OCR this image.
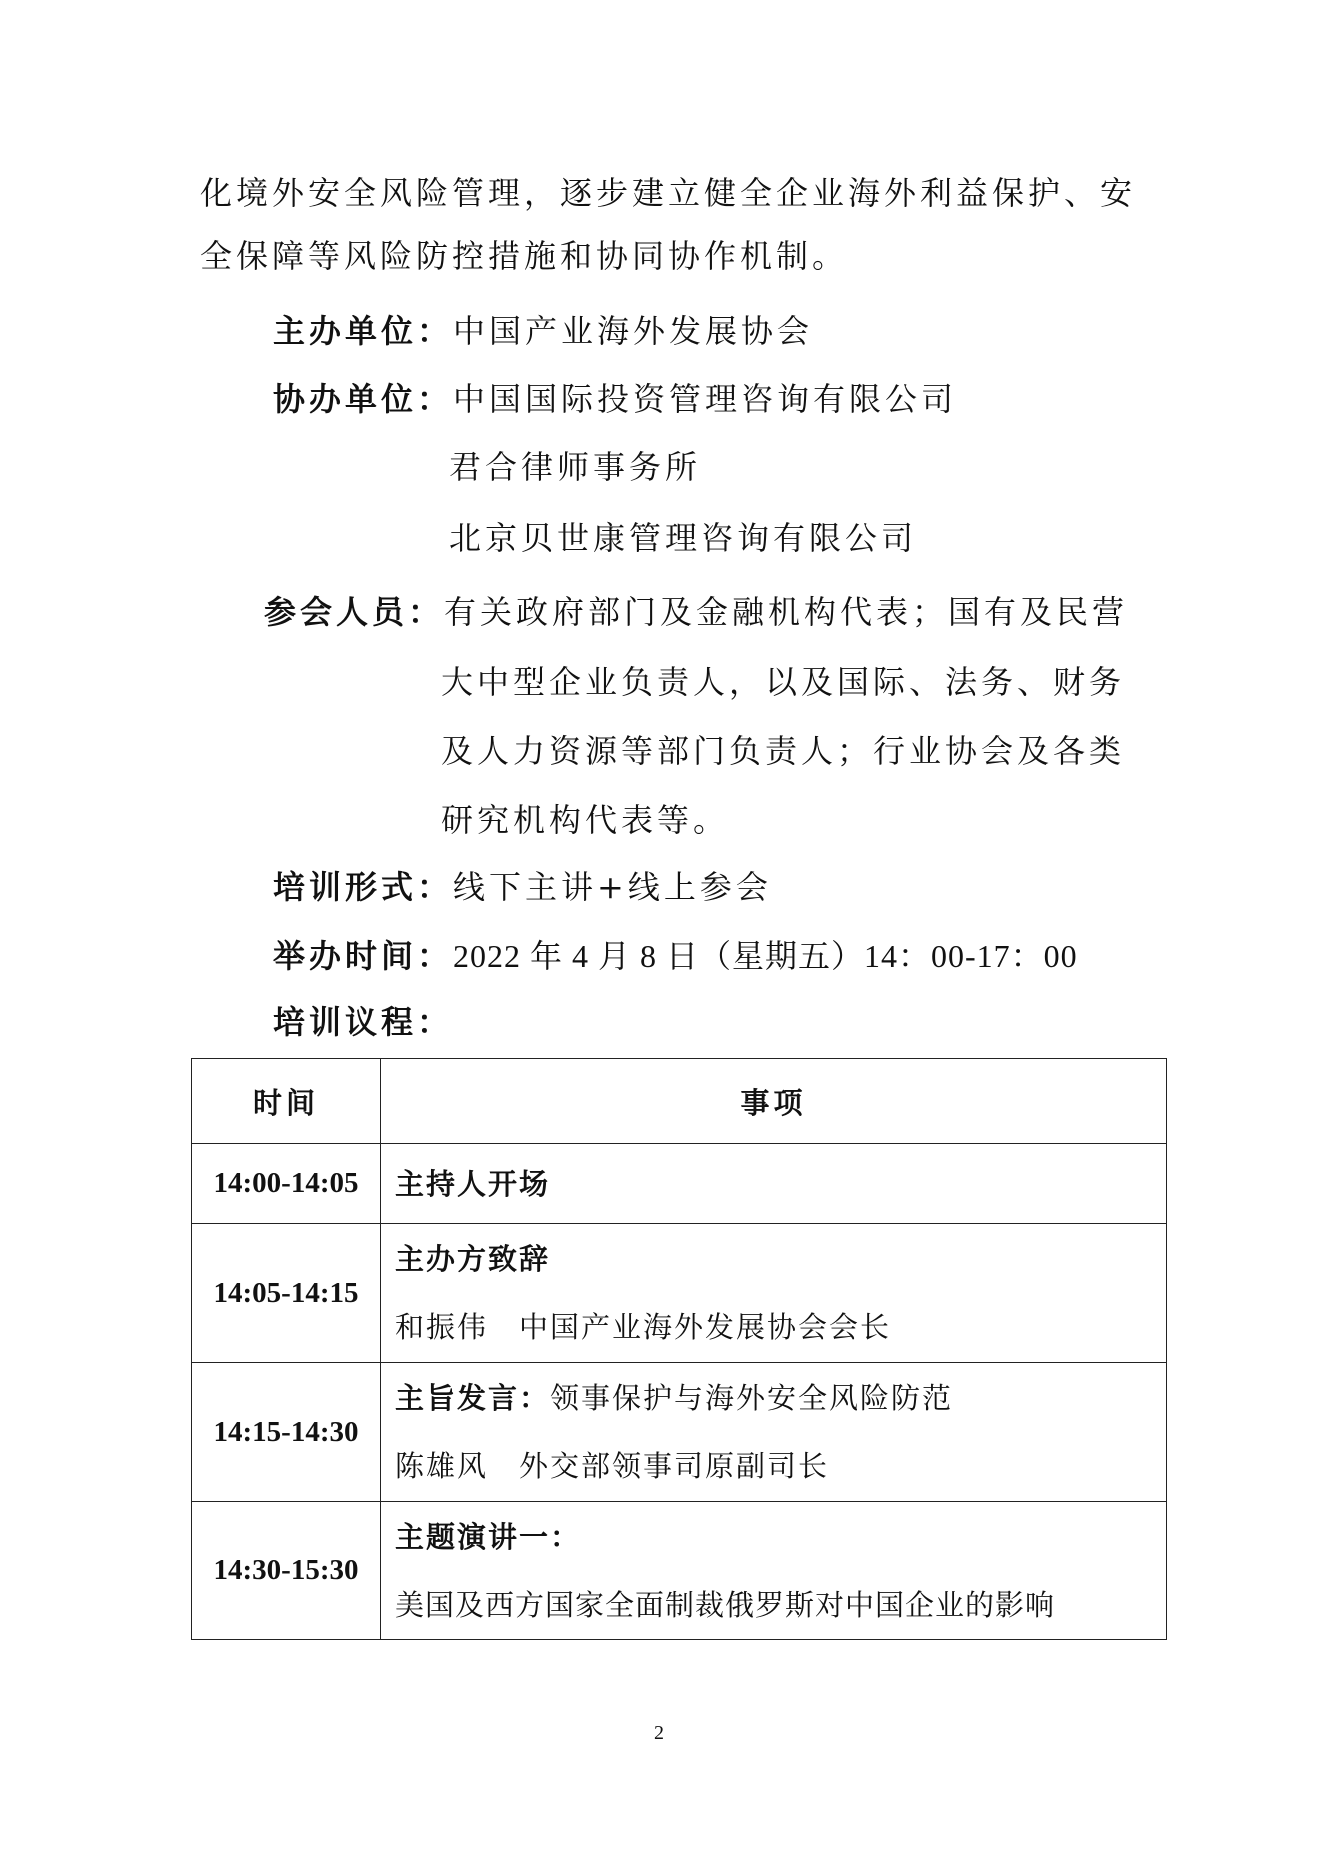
化境外安全风险管理，逐步建立健全企业海外利益保护、安
全保障等风险防控措施和协同协作机制。
主办单位：中国产业海外发展协会
协办单位：中国国际投资管理咨询有限公司
君合律师事务所
北京贝世康管理咨询有限公司
参会人员：有关政府部门及金融机构代表；国有及民营
大中型企业负责人，以及国际、法务、财务
及人力资源等部门负责人；行业协会及各类
研究机构代表等。
培训形式：线下主讲+线上参会
举办时间：2022 年 4 月 8 日（星期五）14：00-17：00
培训议程：
时间	事项
14:00-14:05	主持人开场

14:05-14:15	主办方致辞
和振伟　中国产业海外发展协会会长

14:15-14:30	主旨发言：领事保护与海外安全风险防范
陈雄风　外交部领事司原副司长

14:30-15:30	主题演讲一：
美国及西方国家全面制裁俄罗斯对中国企业的影响
2
